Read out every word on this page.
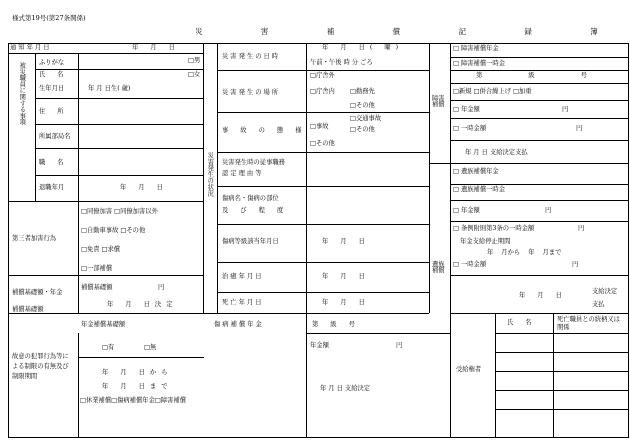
様式第19号(第27条関係)
災 害 補 償 記 録 簿
通 知 年 月 日	年 月 日
被災職員に関する事項 ふりがな
氏 名
生年月日	年 月 日生( 歳)
□男
□女
住 所
所属部局名
職 名
退職年月	年 月 日
第三者加害行為
□同僚加害 □同僚加害以外
□自動車事故 □その他
□免責 □求償
□一部補償
補償基礎額・年金
補償基礎額
補償基礎額	円
年 月 日決定
年金補償基礎額
故意の犯罪行為等による制限の有無及び制限期間
□有	□無
年 月 日から
年 月 日まで
□休業補償□傷病補償年金□障害補償
災害発生の状況
災 害 発 生 の 日 時
年 月 日( 曜)
午前・午後 時 分 ごろ
災 害 発 生 の 場 所
□庁舎外
□庁舎内 □勤務先
□その他
事 故 の 態 様
□事故
□交通事故
□その他
□その他
災害発生時の従事職務
認 定 理 由 等
傷病名・傷病の部位
及 び 程 度
傷病等級該当年月日	年 月 日
治 癒 年 月 日	年 月 日
死 亡 年 月 日	年 月 日
傷 病 補 償 年 金	第 級 号
年金額	円
年 月 日 支給決定
障害補償
□ 障害補償年金
□ 障害補償一時金
第 級 号
□新規 □併合繰上げ □加重
□ 年金額	円
□ 一時金額	円
年 月 日 支給決定支払
遺族補償
□ 遺族補償年金
□ 遺族補償一時金
□ 年金額	円
□ 条例附則第3条の一時金額	円
年金支給停止期間
年 月から 年 月まで
□ 一時金額	円
年 月 日
支給決定
支払
受給権者
氏 名	死亡職員との続柄又は関係
